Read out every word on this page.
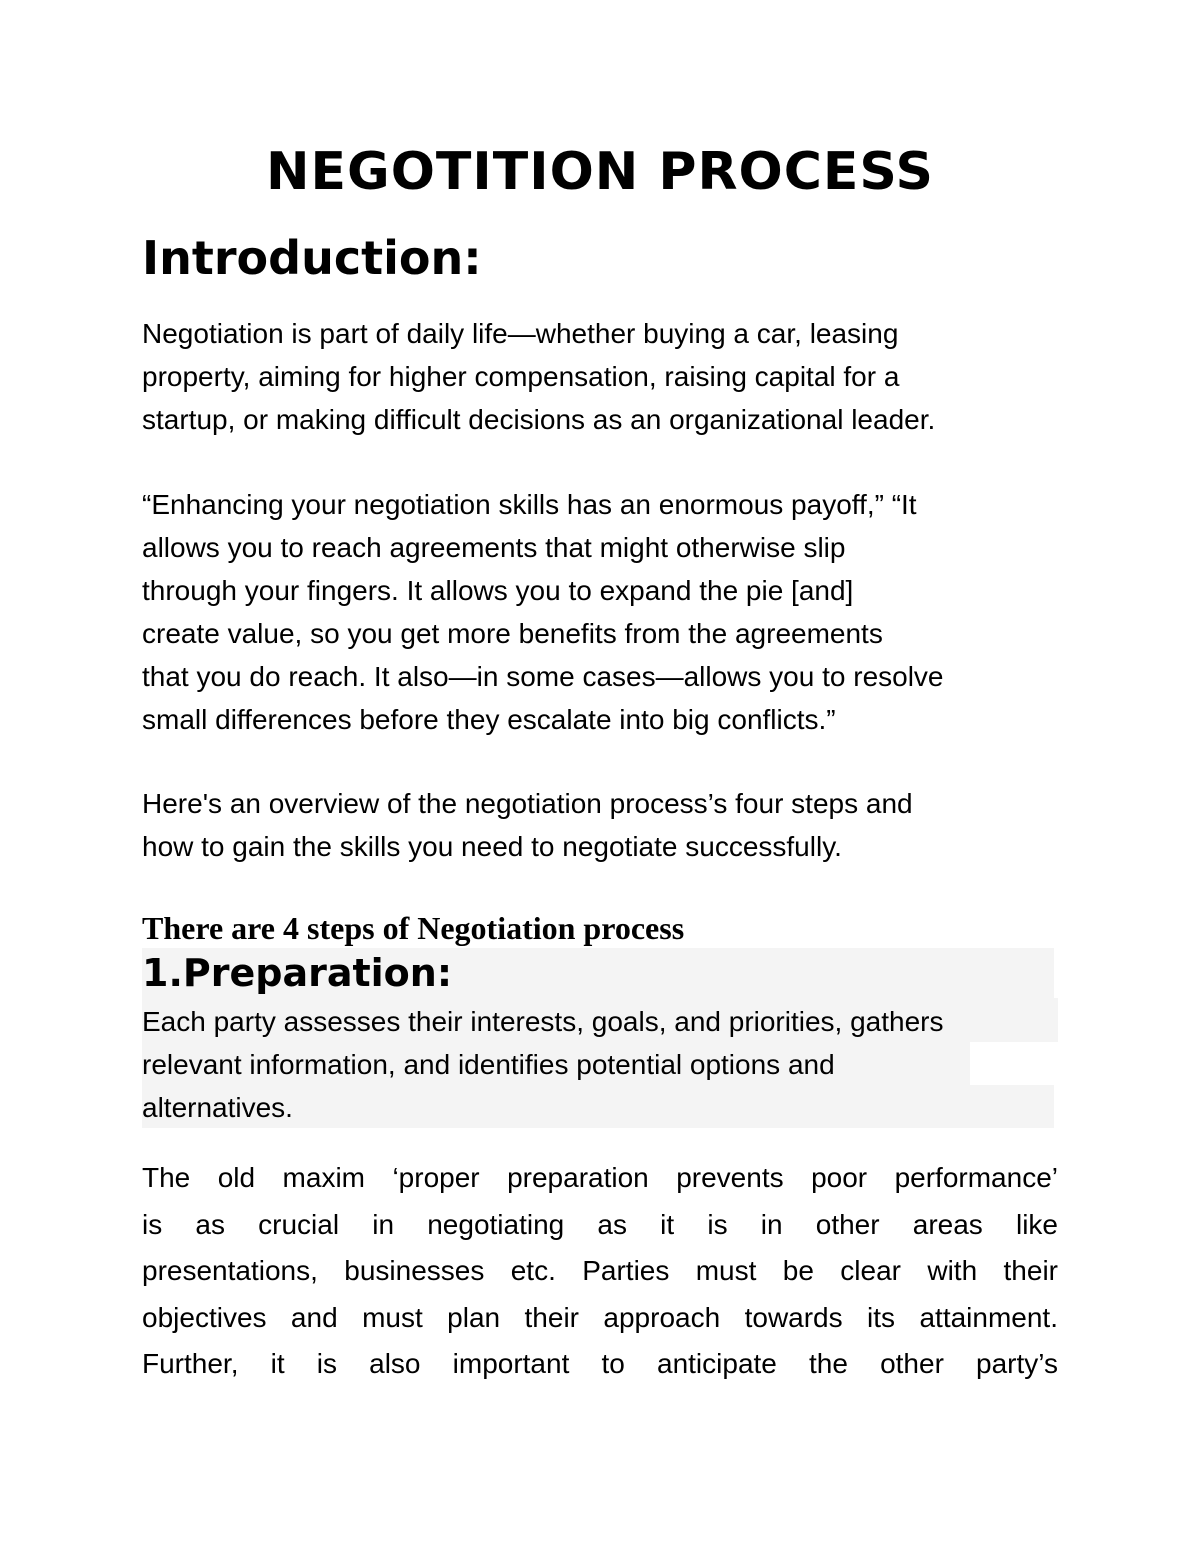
NEGOTITION PROCESS
Introduction:

Negotiation is part of daily life—whether buying a car, leasing
property, aiming for higher compensation, raising capital for a
startup, or making difficult decisions as an organizational leader.

“Enhancing your negotiation skills has an enormous payoff,” “It
allows you to reach agreements that might otherwise slip
through your fingers. It allows you to expand the pie [and]
create value, so you get more benefits from the agreements
that you do reach. It also—in some cases—allows you to resolve
small differences before they escalate into big conflicts.”

Here's an overview of the negotiation process’s four steps and
how to gain the skills you need to negotiate successfully.

There are 4 steps of Negotiation process
1.Preparation:

Each party assesses their interests, goals, and priorities, gathers
relevant information, and identifies potential options and
alternatives.

The old maxim ‘proper preparation prevents poor performance’
is as crucial in negotiating as it is in other areas like
presentations, businesses etc. Parties must be clear with their
objectives and must plan their approach towards its attainment.
Further, it is also important to anticipate the other party’s
